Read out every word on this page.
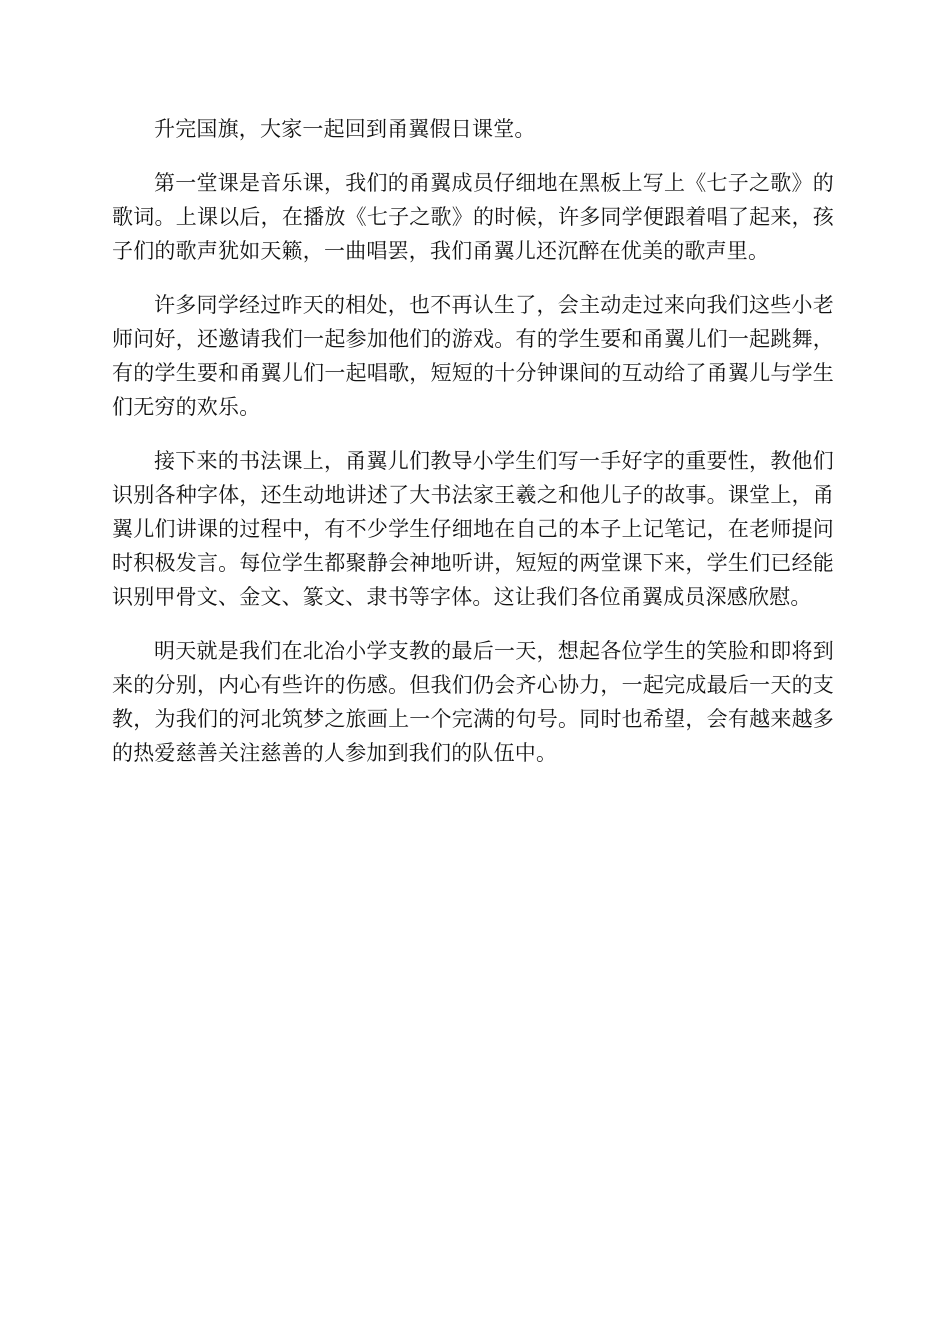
升完国旗，大家一起回到甬翼假日课堂。

第一堂课是音乐课，我们的甬翼成员仔细地在黑板上写上《七子之歌》的歌词。上课以后，在播放《七子之歌》的时候，许多同学便跟着唱了起来，孩子们的歌声犹如天籁，一曲唱罢，我们甬翼儿还沉醉在优美的歌声里。

许多同学经过昨天的相处，也不再认生了，会主动走过来向我们这些小老师问好，还邀请我们一起参加他们的游戏。有的学生要和甬翼儿们一起跳舞，有的学生要和甬翼儿们一起唱歌，短短的十分钟课间的互动给了甬翼儿与学生们无穷的欢乐。

接下来的书法课上，甬翼儿们教导小学生们写一手好字的重要性，教他们识别各种字体，还生动地讲述了大书法家王羲之和他儿子的故事。课堂上，甬翼儿们讲课的过程中，有不少学生仔细地在自己的本子上记笔记，在老师提问时积极发言。每位学生都聚静会神地听讲，短短的两堂课下来，学生们已经能识别甲骨文、金文、篆文、隶书等字体。这让我们各位甬翼成员深感欣慰。

明天就是我们在北冶小学支教的最后一天，想起各位学生的笑脸和即将到来的分别，内心有些许的伤感。但我们仍会齐心协力，一起完成最后一天的支教，为我们的河北筑梦之旅画上一个完满的句号。同时也希望，会有越来越多的热爱慈善关注慈善的人参加到我们的队伍中。
